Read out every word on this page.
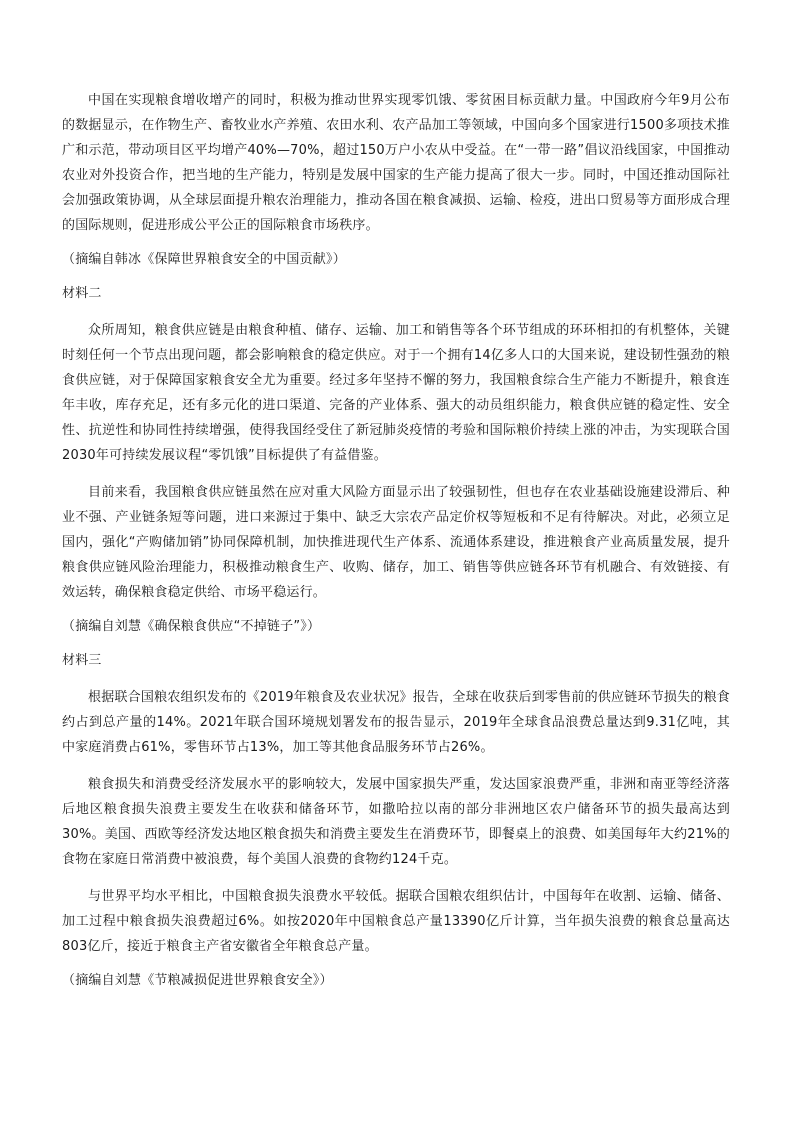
中国在实现粮食增收增产的同时，积极为推动世界实现零饥饿、零贫困目标贡献力量。中国政府今年9月公布的数据显示，在作物生产、畜牧业水产养殖、农田水利、农产品加工等领域，中国向多个国家进行1500多项技术推广和示范，带动项目区平均增产40%—70%，超过150万户小农从中受益。在“一带一路”倡议沿线国家，中国推动农业对外投资合作，把当地的生产能力，特别是发展中国家的生产能力提高了很大一步。同时，中国还推动国际社会加强政策协调，从全球层面提升粮农治理能力，推动各国在粮食减损、运输、检疫，进出口贸易等方面形成合理的国际规则，促进形成公平公正的国际粮食市场秩序。

（摘编自韩冰《保障世界粮食安全的中国贡献》）

材料二

众所周知，粮食供应链是由粮食种植、储存、运输、加工和销售等各个环节组成的环环相扣的有机整体，关键时刻任何一个节点出现问题，都会影响粮食的稳定供应。对于一个拥有14亿多人口的大国来说，建设韧性强劲的粮食供应链，对于保障国家粮食安全尤为重要。经过多年坚持不懈的努力，我国粮食综合生产能力不断提升，粮食连年丰收，库存充足，还有多元化的进口渠道、完备的产业体系、强大的动员组织能力，粮食供应链的稳定性、安全性、抗逆性和协同性持续增强，使得我国经受住了新冠肺炎疫情的考验和国际粮价持续上涨的冲击，为实现联合国2030年可持续发展议程“零饥饿”目标提供了有益借鉴。

目前来看，我国粮食供应链虽然在应对重大风险方面显示出了较强韧性，但也存在农业基础设施建设滞后、种业不强、产业链条短等问题，进口来源过于集中、缺乏大宗农产品定价权等短板和不足有待解决。对此，必须立足国内，强化“产购储加销”协同保障机制，加快推进现代生产体系、流通体系建设，推进粮食产业高质量发展，提升粮食供应链风险治理能力，积极推动粮食生产、收购、储存，加工、销售等供应链各环节有机融合、有效链接、有效运转，确保粮食稳定供给、市场平稳运行。

（摘编自刘慧《确保粮食供应“不掉链子”》）

材料三

根据联合国粮农组织发布的《2019年粮食及农业状况》报告，全球在收获后到零售前的供应链环节损失的粮食约占到总产量的14%。2021年联合国环境规划署发布的报告显示，2019年全球食品浪费总量达到9.31亿吨，其中家庭消费占61%，零售环节占13%，加工等其他食品服务环节占26%。

粮食损失和消费受经济发展水平的影响较大，发展中国家损失严重，发达国家浪费严重，非洲和南亚等经济落后地区粮食损失浪费主要发生在收获和储备环节，如撒哈拉以南的部分非洲地区农户储备环节的损失最高达到30%。美国、西欧等经济发达地区粮食损失和消费主要发生在消费环节，即餐桌上的浪费、如美国每年大约21%的食物在家庭日常消费中被浪费，每个美国人浪费的食物约124千克。

与世界平均水平相比，中国粮食损失浪费水平较低。据联合国粮农组织估计，中国每年在收割、运输、储备、加工过程中粮食损失浪费超过6%。如按2020年中国粮食总产量13390亿斤计算，当年损失浪费的粮食总量高达803亿斤，接近于粮食主产省安徽省全年粮食总产量。

（摘编自刘慧《节粮减损促进世界粮食安全》）
